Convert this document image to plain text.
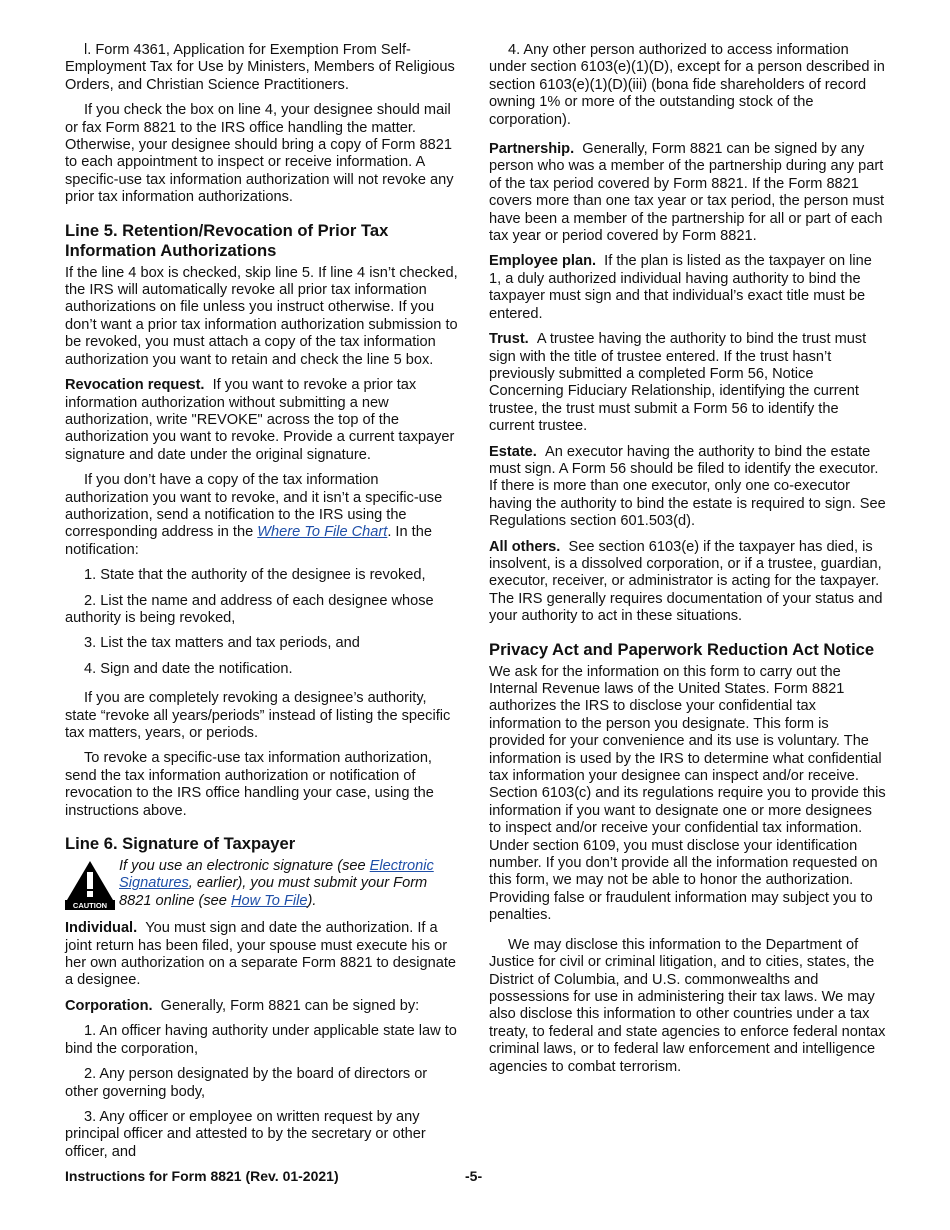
l. Form 4361, Application for Exemption From Self-Employment Tax for Use by Ministers, Members of Religious Orders, and Christian Science Practitioners.

If you check the box on line 4, your designee should mail or fax Form 8821 to the IRS office handling the matter. Otherwise, your designee should bring a copy of Form 8821 to each appointment to inspect or receive information. A specific-use tax information authorization will not revoke any prior tax information authorizations.

Line 5. Retention/Revocation of Prior Tax Information Authorizations

If the line 4 box is checked, skip line 5. If line 4 isn’t checked, the IRS will automatically revoke all prior tax information authorizations on file unless you instruct otherwise. If you don’t want a prior tax information authorization submission to be revoked, you must attach a copy of the tax information authorization you want to retain and check the line 5 box.

Revocation request. If you want to revoke a prior tax information authorization without submitting a new authorization, write "REVOKE" across the top of the authorization you want to revoke. Provide a current taxpayer signature and date under the original signature.

If you don’t have a copy of the tax information authorization you want to revoke, and it isn’t a specific-use authorization, send a notification to the IRS using the corresponding address in the Where To File Chart. In the notification:

1. State that the authority of the designee is revoked,

2. List the name and address of each designee whose authority is being revoked,

3. List the tax matters and tax periods, and

4. Sign and date the notification.

If you are completely revoking a designee’s authority, state “revoke all years/periods” instead of listing the specific tax matters, years, or periods.

To revoke a specific-use tax information authorization, send the tax information authorization or notification of revocation to the IRS office handling your case, using the instructions above.

Line 6. Signature of Taxpayer
CAUTION
If you use an electronic signature (see Electronic Signatures, earlier), you must submit your Form 8821 online (see How To File).

Individual. You must sign and date the authorization. If a joint return has been filed, your spouse must execute his or her own authorization on a separate Form 8821 to designate a designee.

Corporation. Generally, Form 8821 can be signed by:

1. An officer having authority under applicable state law to bind the corporation,

2. Any person designated by the board of directors or other governing body,

3. Any officer or employee on written request by any principal officer and attested to by the secretary or other officer, and

4. Any other person authorized to access information under section 6103(e)(1)(D), except for a person described in section 6103(e)(1)(D)(iii) (bona fide shareholders of record owning 1% or more of the outstanding stock of the corporation).

Partnership. Generally, Form 8821 can be signed by any person who was a member of the partnership during any part of the tax period covered by Form 8821. If the Form 8821 covers more than one tax year or tax period, the person must have been a member of the partnership for all or part of each tax year or period covered by Form 8821.

Employee plan. If the plan is listed as the taxpayer on line 1, a duly authorized individual having authority to bind the taxpayer must sign and that individual’s exact title must be entered.

Trust. A trustee having the authority to bind the trust must sign with the title of trustee entered. If the trust hasn’t previously submitted a completed Form 56, Notice Concerning Fiduciary Relationship, identifying the current trustee, the trust must submit a Form 56 to identify the current trustee.

Estate. An executor having the authority to bind the estate must sign. A Form 56 should be filed to identify the executor. If there is more than one executor, only one co-executor having the authority to bind the estate is required to sign. See Regulations section 601.503(d).

All others. See section 6103(e) if the taxpayer has died, is insolvent, is a dissolved corporation, or if a trustee, guardian, executor, receiver, or administrator is acting for the taxpayer. The IRS generally requires documentation of your status and your authority to act in these situations.

Privacy Act and Paperwork Reduction Act Notice

We ask for the information on this form to carry out the Internal Revenue laws of the United States. Form 8821 authorizes the IRS to disclose your confidential tax information to the person you designate. This form is provided for your convenience and its use is voluntary. The information is used by the IRS to determine what confidential tax information your designee can inspect and/or receive. Section 6103(c) and its regulations require you to provide this information if you want to designate one or more designees to inspect and/or receive your confidential tax information. Under section 6109, you must disclose your identification number. If you don’t provide all the information requested on this form, we may not be able to honor the authorization. Providing false or fraudulent information may subject you to penalties.

We may disclose this information to the Department of Justice for civil or criminal litigation, and to cities, states, the District of Columbia, and U.S. commonwealths and possessions for use in administering their tax laws. We may also disclose this information to other countries under a tax treaty, to federal and state agencies to enforce federal nontax criminal laws, or to federal law enforcement and intelligence agencies to combat terrorism.

Instructions for Form 8821 (Rev. 01-2021)	-5-
